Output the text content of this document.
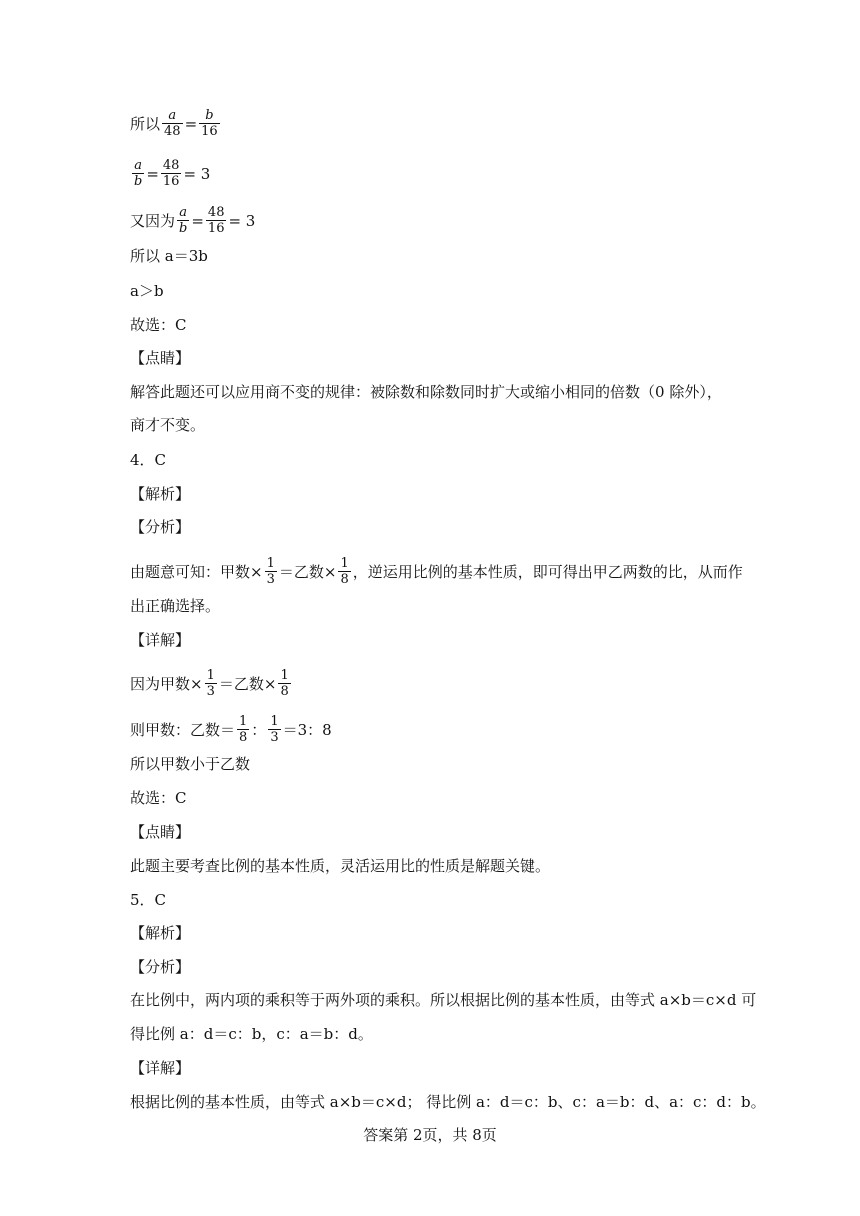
所以 $\frac{a}{48} = \frac{b}{16}$
$\frac{a}{b} = \frac{48}{16} = 3$
又因为 $\frac{a}{b} = \frac{48}{16} = 3$
所以 a＝3b
a＞b
故选：C
【点睛】
解答此题还可以应用商不变的规律：被除数和除数同时扩大或缩小相同的倍数（0 除外），
商才不变。
4．C
【解析】
【分析】
由题意可知：甲数× $\frac{1}{3}$ ＝乙数× $\frac{1}{8}$ ，逆运用比例的基本性质，即可得出甲乙两数的比，从而作
出正确选择。
【详解】
因为甲数× $\frac{1}{3}$ ＝乙数× $\frac{1}{8}$
则甲数：乙数＝ $\frac{1}{8}$ ： $\frac{1}{3} =3$：8
所以甲数小于乙数
故选：C
【点睛】
此题主要考查比例的基本性质，灵活运用比的性质是解题关键。
5．C
【解析】
【分析】
在比例中，两内项的乘积等于两外项的乘积。所以根据比例的基本性质，由等式 a×b＝c×d 可
得比例 a：d＝c：b，c：a＝b：d。
【详解】
根据比例的基本性质，由等式 a×b＝c×d； 得比例 a：d＝c：b、c：a＝b：d、a：c：d：b。
答案第 2页，共 8页
